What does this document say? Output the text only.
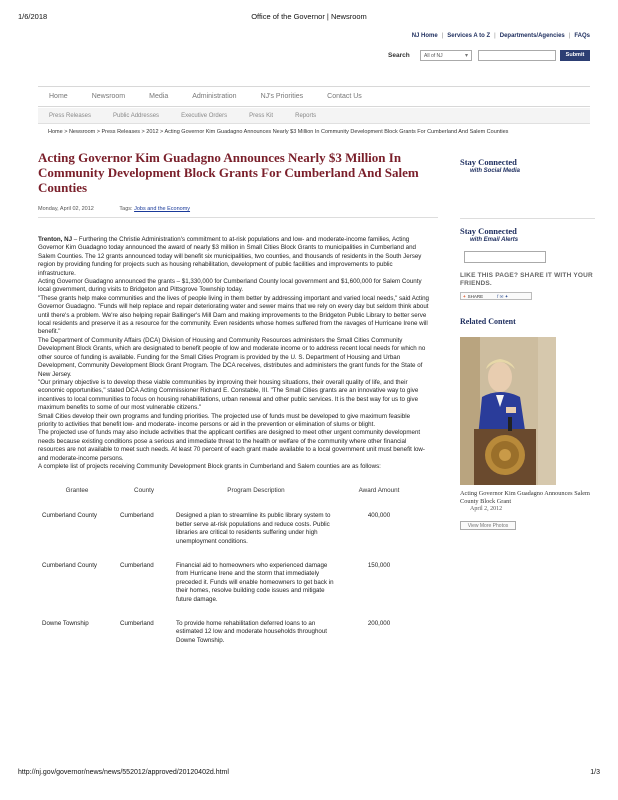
1/6/2018	Office of the Governor | Newsroom
NJ Home | Services A to Z | Departments/Agencies | FAQs
Search	All of NJ	▾	Submit
Home	Newsroom	Media	Administration	NJ's Priorities	Contact Us
Press Releases	Public Addresses	Executive Orders	Press Kit	Reports
Home > Newsroom > Press Releases > 2012 > Acting Governor Kim Guadagno Announces Nearly $3 Million In Community Development Block Grants For Cumberland And Salem Counties
Acting Governor Kim Guadagno Announces Nearly $3 Million In Community Development Block Grants For Cumberland And Salem Counties
Monday, April 02, 2012	Tags: Jobs and the Economy

Trenton, NJ – Furthering the Christie Administration's commitment to at-risk populations and low- and moderate-income families, Acting Governor Kim Guadagno today announced the award of nearly $3 million in Small Cities Block Grants to municipalities in Cumberland and Salem Counties. The 12 grants announced today will benefit six municipalities, two counties, and thousands of residents in the South Jersey region by providing funding for projects such as housing rehabilitation, development of public facilities and improvements to public infrastructure.

Acting Governor Guadagno announced the grants – $1,330,000 for Cumberland County local government and $1,600,000 for Salem County local government, during visits to Bridgeton and Pittsgrove Township today.

"These grants help make communities and the lives of people living in them better by addressing important and varied local needs," said Acting Governor Guadagno. "Funds will help replace and repair deteriorating water and sewer mains that we rely on every day but seldom think about until there's a problem. We're also helping repair Ballinger's Mill Dam and making improvements to the Bridgeton Public Library to better serve local residents and preserve it as a resource for the community. Even residents whose homes suffered from the ravages of Hurricane Irene will benefit."

The Department of Community Affairs (DCA) Division of Housing and Community Resources administers the Small Cities Community Development Block Grants, which are designated to benefit people of low and moderate income or to address recent local needs for which no other source of funding is available. Funding for the Small Cities Program is provided by the U. S. Department of Housing and Urban Development, Community Development Block Grant Program. The DCA receives, distributes and administers the grant funds for the State of New Jersey.

"Our primary objective is to develop these viable communities by improving their housing situations, their overall quality of life, and their economic opportunities," stated DCA Acting Commissioner Richard E. Constable, III. "The Small Cities grants are an innovative way to give incentives to local communities to focus on housing rehabilitations, urban renewal and other public services. It is the best way for us to give maximum benefits to some of our most vulnerable citizens."

Small Cities develop their own programs and funding priorities. The projected use of funds must be developed to give maximum feasible priority to activities that benefit low- and moderate- income persons or aid in the prevention or elimination of slums or blight.

The projected use of funds may also include activities that the applicant certifies are designed to meet other urgent community development needs because existing conditions pose a serious and immediate threat to the health or welfare of the community where other financial resources are not available to meet such needs. At least 70 percent of each grant made available to a local government unit must benefit low- and moderate-income persons.

A complete list of projects receiving Community Development Block grants in Cumberland and Salem counties are as follows:

Grantee	County	Program Description	Award Amount
Cumberland County	Cumberland	Designed a plan to streamline its public library system to better serve at-risk populations and reduce costs. Public libraries are critical to residents suffering under high unemployment conditions.	400,000
Cumberland County	Cumberland	Financial aid to homeowners who experienced damage from Hurricane Irene and the storm that immediately preceded it. Funds will enable homeowners to get back in their homes, resolve building code issues and mitigate future damage.	150,000
Downe Township	Cumberland	To provide home rehabilitation deferred loans to an estimated 12 low and moderate households throughout Downe Township.	200,000
Stay Connected
with Social Media
Stay Connected
with Email Alerts
LIKE THIS PAGE? SHARE IT WITH YOUR FRIENDS.
+ SHARE	f ✉ ✦
Related Content
Acting Governor Kim Guadagno Announces Salem County Block Grant
April 2, 2012
View More Photos
http://nj.gov/governor/news/news/552012/approved/20120402d.html	1/3
